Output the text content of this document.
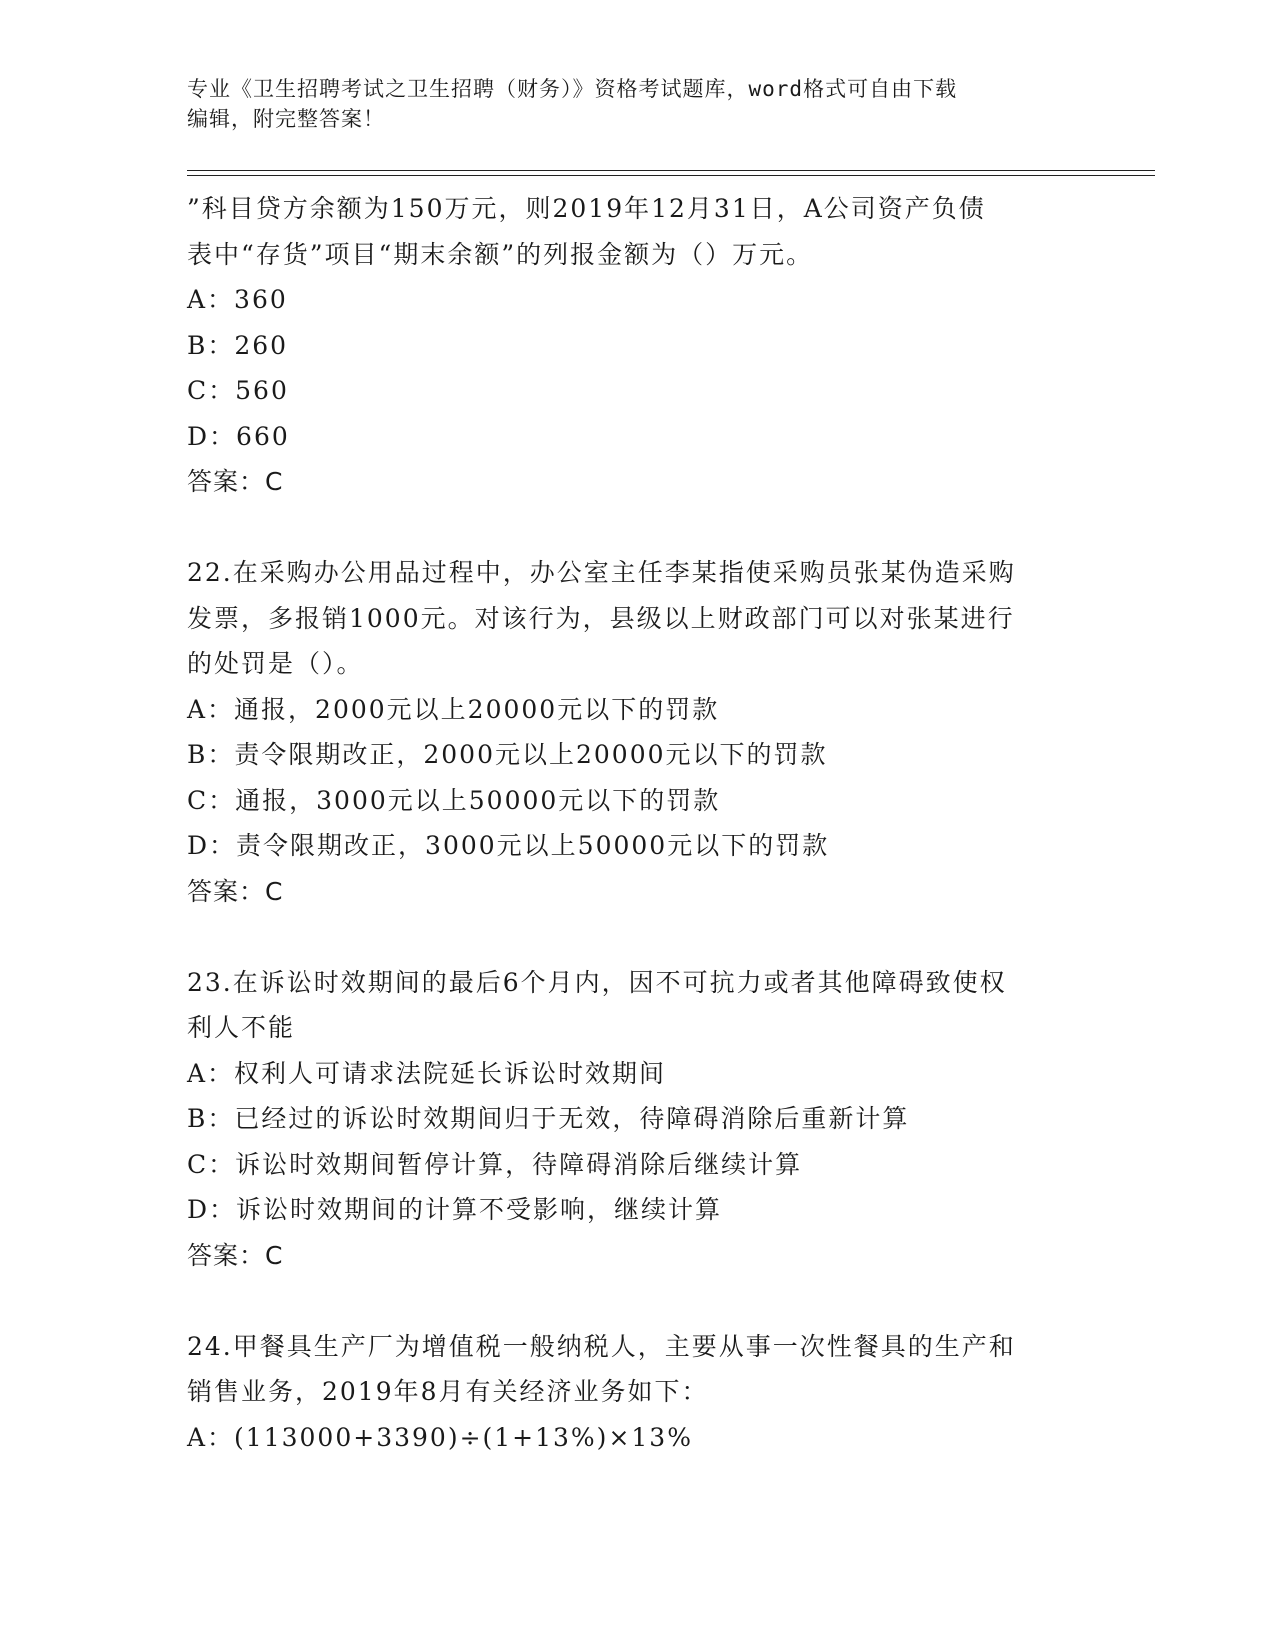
专业《卫生招聘考试之卫生招聘（财务）》资格考试题库，word格式可自由下载
编辑，附完整答案！
”科目贷方余额为150万元，则2019年12月31日，A公司资产负债
表中“存货”项目“期末余额”的列报金额为（）万元。
A：360
B：260
C：560
D：660
答案：C
22.在采购办公用品过程中，办公室主任李某指使采购员张某伪造采购
发票，多报销1000元。对该行为，县级以上财政部门可以对张某进行
的处罚是（）。
A：通报，2000元以上20000元以下的罚款
B：责令限期改正，2000元以上20000元以下的罚款
C：通报，3000元以上50000元以下的罚款
D：责令限期改正，3000元以上50000元以下的罚款
答案：C
23.在诉讼时效期间的最后6个月内，因不可抗力或者其他障碍致使权
利人不能
A：权利人可请求法院延长诉讼时效期间
B：已经过的诉讼时效期间归于无效，待障碍消除后重新计算
C：诉讼时效期间暂停计算，待障碍消除后继续计算
D：诉讼时效期间的计算不受影响，继续计算
答案：C
24.甲餐具生产厂为增值税一般纳税人，主要从事一次性餐具的生产和
销售业务，2019年8月有关经济业务如下：
A：(113000+3390)÷(1+13%)×13%
